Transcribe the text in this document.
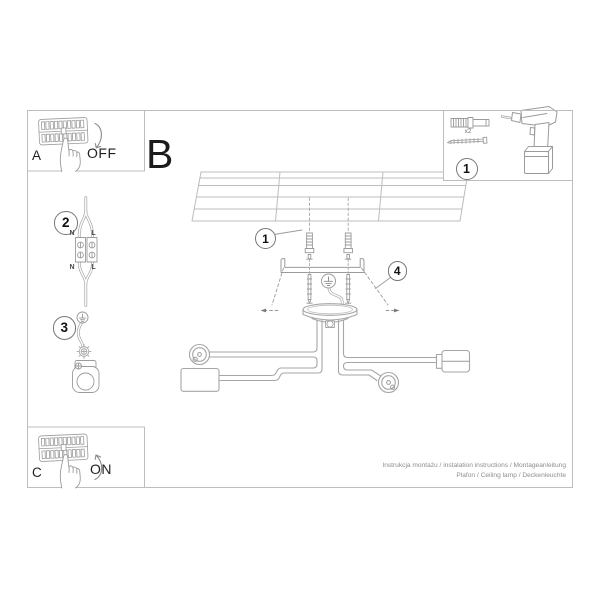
A	OFF B
C	ON
1
1
2
3
4
x2
N	L
N	L
Instrukcja montażu / instalation instructions / Montageanleitung
Plafon / Ceiling lamp / Deckenleuchte
